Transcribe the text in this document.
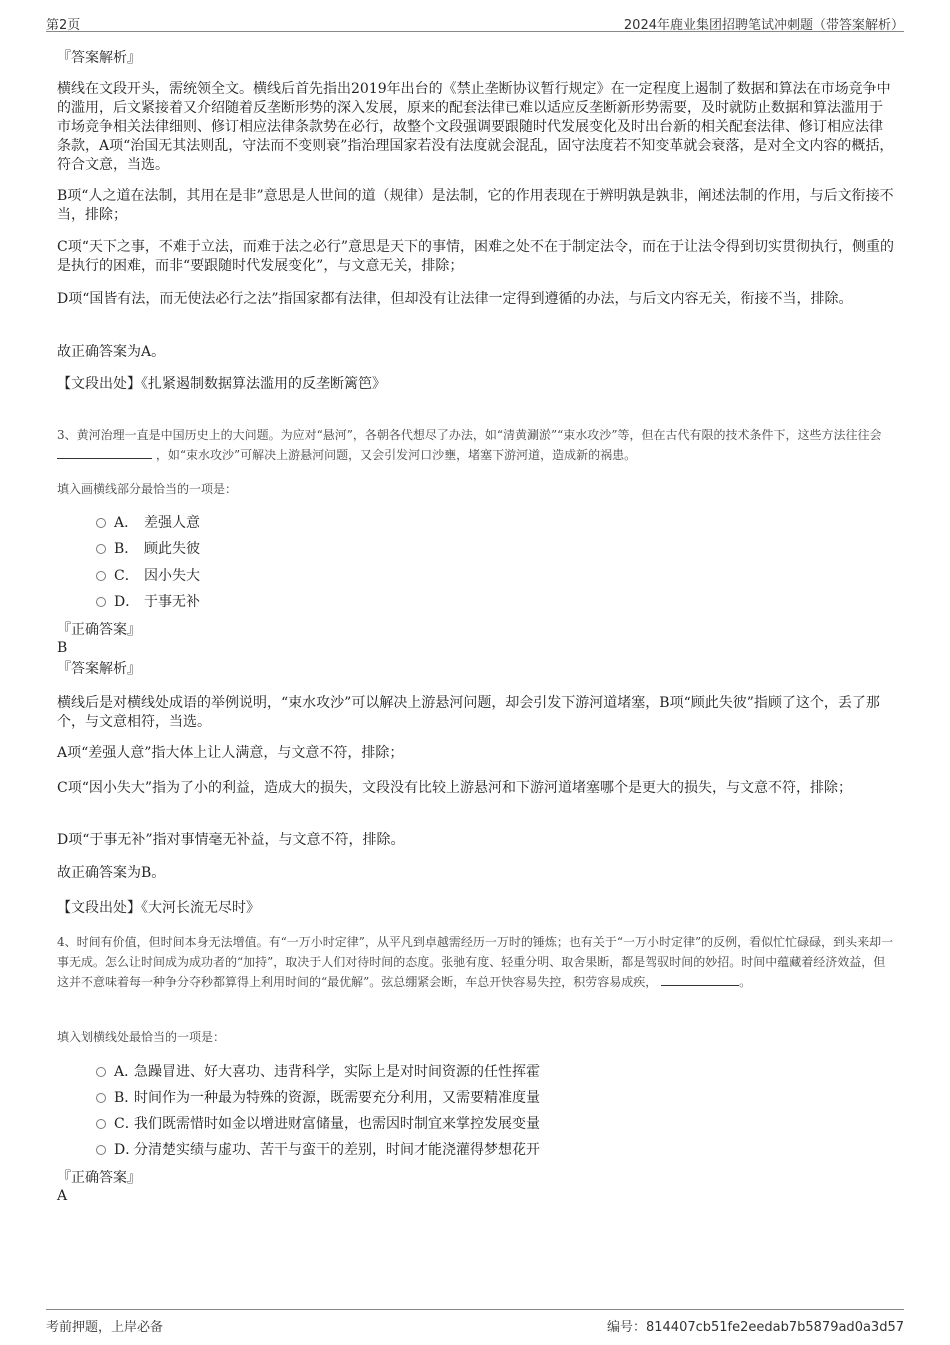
第2页	2024年鹿业集团招聘笔试冲刺题（带答案解析）
『答案解析』
横线在文段开头，需统领全文。横线后首先指出2019年出台的《禁止垄断协议暂行规定》在一定程度上遏制了数据和算法在市场竞争中的滥用，后文紧接着又介绍随着反垄断形势的深入发展，原来的配套法律已难以适应反垄断新形势需要，及时就防止数据和算法滥用于市场竞争相关法律细则、修订相应法律条款势在必行，故整个文段强调要跟随时代发展变化及时出台新的相关配套法律、修订相应法律条款，A项“治国无其法则乱，守法而不变则衰”指治理国家若没有法度就会混乱，固守法度若不知变革就会衰落，是对全文内容的概括，符合文意，当选。
B项“人之道在法制，其用在是非”意思是人世间的道（规律）是法制，它的作用表现在于辨明孰是孰非，阐述法制的作用，与后文衔接不当，排除；
C项“天下之事，不难于立法，而难于法之必行”意思是天下的事情，困难之处不在于制定法令，而在于让法令得到切实贯彻执行，侧重的是执行的困难，而非“要跟随时代发展变化”，与文意无关，排除；
D项“国皆有法，而无使法必行之法”指国家都有法律，但却没有让法律一定得到遵循的办法，与后文内容无关，衔接不当，排除。
故正确答案为A。
【文段出处】《扎紧遏制数据算法滥用的反垄断篱笆》
3、黄河治理一直是中国历史上的大问题。为应对“悬河”，各朝各代想尽了办法，如“清黄涮淤”“束水攻沙”等，但在古代有限的技术条件下，这些方法往往会  ，如“束水攻沙”可解决上游悬河问题，又会引发河口沙壅，堵塞下游河道，造成新的祸患。
填入画横线部分最恰当的一项是：
A． 差强人意
B． 顾此失彼
C． 因小失大
D． 于事无补
『正确答案』
B
『答案解析』
横线后是对横线处成语的举例说明，“束水攻沙”可以解决上游悬河问题，却会引发下游河道堵塞，B项“顾此失彼”指顾了这个，丢了那个，与文意相符，当选。
A项“差强人意”指大体上让人满意，与文意不符，排除；
C项“因小失大”指为了小的利益，造成大的损失，文段没有比较上游悬河和下游河道堵塞哪个是更大的损失，与文意不符，排除；
D项“于事无补”指对事情毫无补益，与文意不符，排除。
故正确答案为B。
【文段出处】《大河长流无尽时》
4、时间有价值，但时间本身无法增值。有“一万小时定律”，从平凡到卓越需经历一万时的锤炼；也有关于“一万小时定律”的反例，看似忙忙碌碌，到头来却一事无成。怎么让时间成为成功者的“加持”，取决于人们对待时间的态度。张驰有度、轻重分明、取舍果断，都是驾驭时间的妙招。时间中蕴藏着经济效益，但这并不意味着每一种争分夺秒都算得上利用时间的“最优解”。弦总绷紧会断，车总开快容易失控，积劳容易成疾，	。
填入划横线处最恰当的一项是：
A．急躁冒进、好大喜功、违背科学，实际上是对时间资源的任性挥霍
B．时间作为一种最为特殊的资源，既需要充分利用，又需要精准度量
C．我们既需惜时如金以增进财富储量，也需因时制宜来掌控发展变量
D．分清楚实绩与虚功、苦干与蛮干的差别，时间才能浇灌得梦想花开
『正确答案』
A
考前押题，上岸必备	编号：814407cb51fe2eedab7b5879ad0a3d57
